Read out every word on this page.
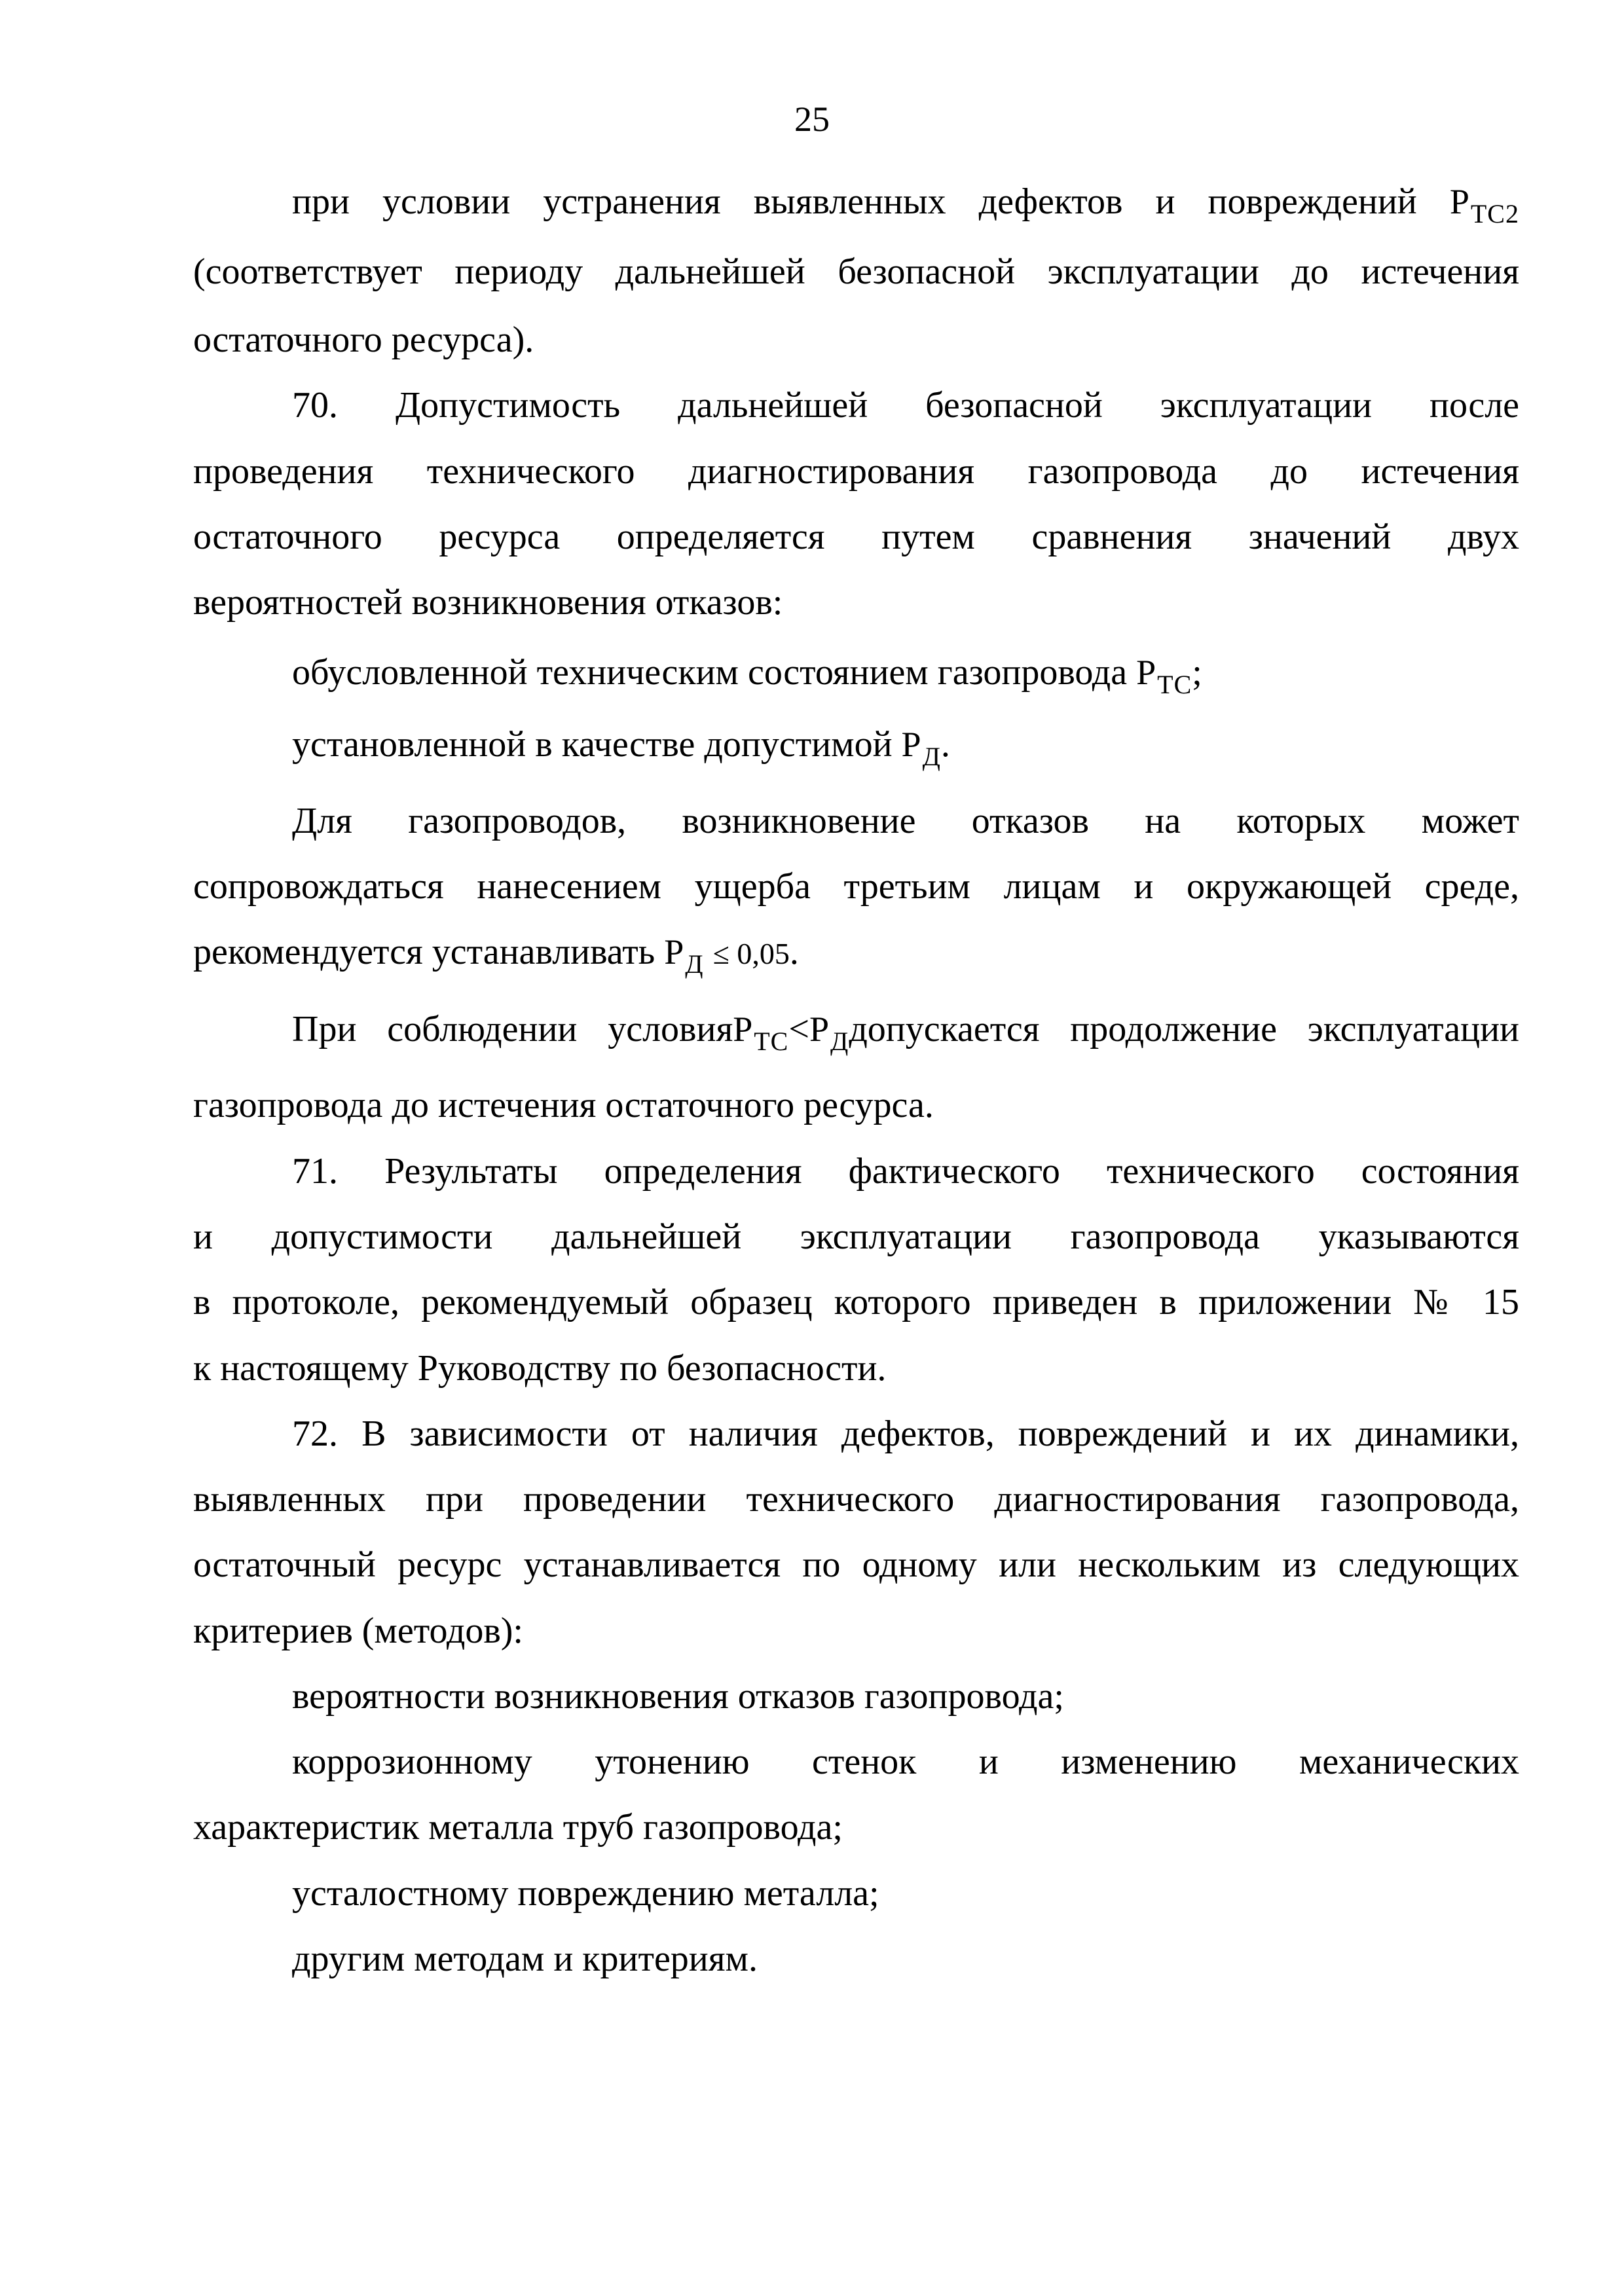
25
при условии устранения выявленных дефектов и повреждений $P_{TC2}$
(соответствует периоду дальнейшей безопасной эксплуатации до истечения
остаточного ресурса).
70. Допустимость дальнейшей безопасной эксплуатации после
проведения технического диагностирования газопровода до истечения
остаточного ресурса определяется путем сравнения значений двух
вероятностей возникновения отказов:
обусловленной техническим состоянием газопровода $P_{TC}$;
установленной в качестве допустимой $P_Д$.
Для газопроводов, возникновение отказов на которых может
сопровождаться нанесением ущерба третьим лицам и окружающей среде,
рекомендуется устанавливать $P_Д \le 0,05$.
При соблюдении $условияP_{TC}<P_Ддопускается$ продолжение эксплуатации
газопровода до истечения остаточного ресурса.
71. Результаты определения фактического технического состояния
и допустимости дальнейшей эксплуатации газопровода указываются
в протоколе, рекомендуемый образец которого приведен в приложении № 15
к настоящему Руководству по безопасности.
72. В зависимости от наличия дефектов, повреждений и их динамики,
выявленных при проведении технического диагностирования газопровода,
остаточный ресурс устанавливается по одному или нескольким из следующих
критериев (методов):
вероятности возникновения отказов газопровода;
коррозионному утонению стенок и изменению механических
характеристик металла труб газопровода;
усталостному повреждению металла;
другим методам и критериям.
